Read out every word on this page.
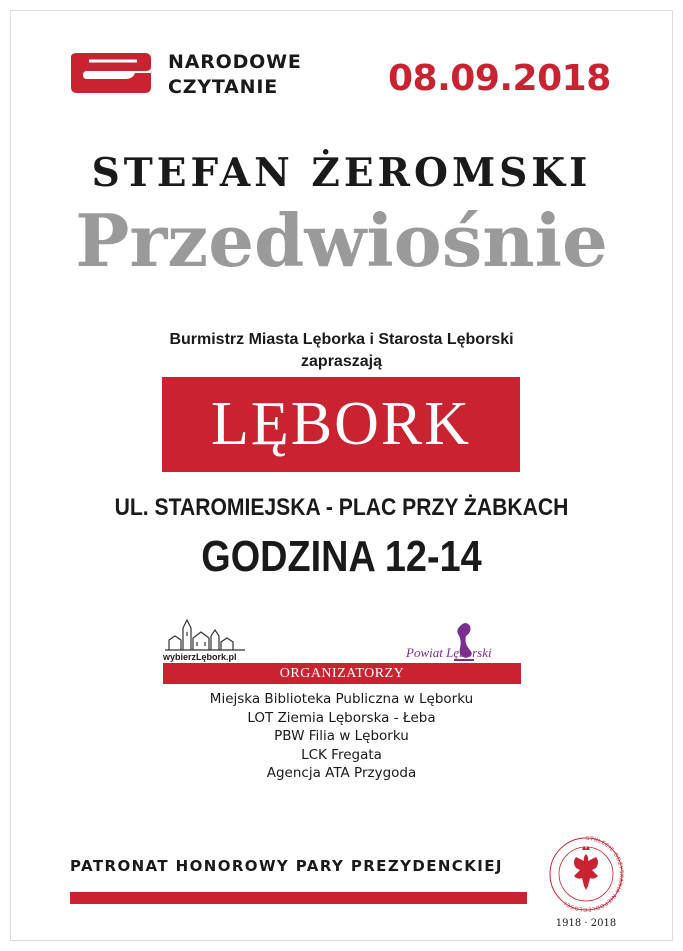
NARODOWE
CZYTANIE	08.09.2018
STEFAN ŻEROMSKI
Przedwiośnie
Burmistrz Miasta Lęborka i Starosta Lęborski
zapraszają
LĘBORK
UL. STAROMIEJSKA - PLAC PRZY ŻABKACH
GODZINA 12-14
wybierzLębork.pl	Powiat Lęborski
ORGANIZATORZY
Miejska Biblioteka Publiczna w Lęborku
LOT Ziemia Lęborska - Łeba
PBW Filia w Lęborku
LCK Fregata
Agencja ATA Przygoda
PATRONAT HONOROWY PARY PREZYDENCKIEJ
STULECIE ODZYSKANIA NIEPODLEGŁOŚCI
1918 · 2018
